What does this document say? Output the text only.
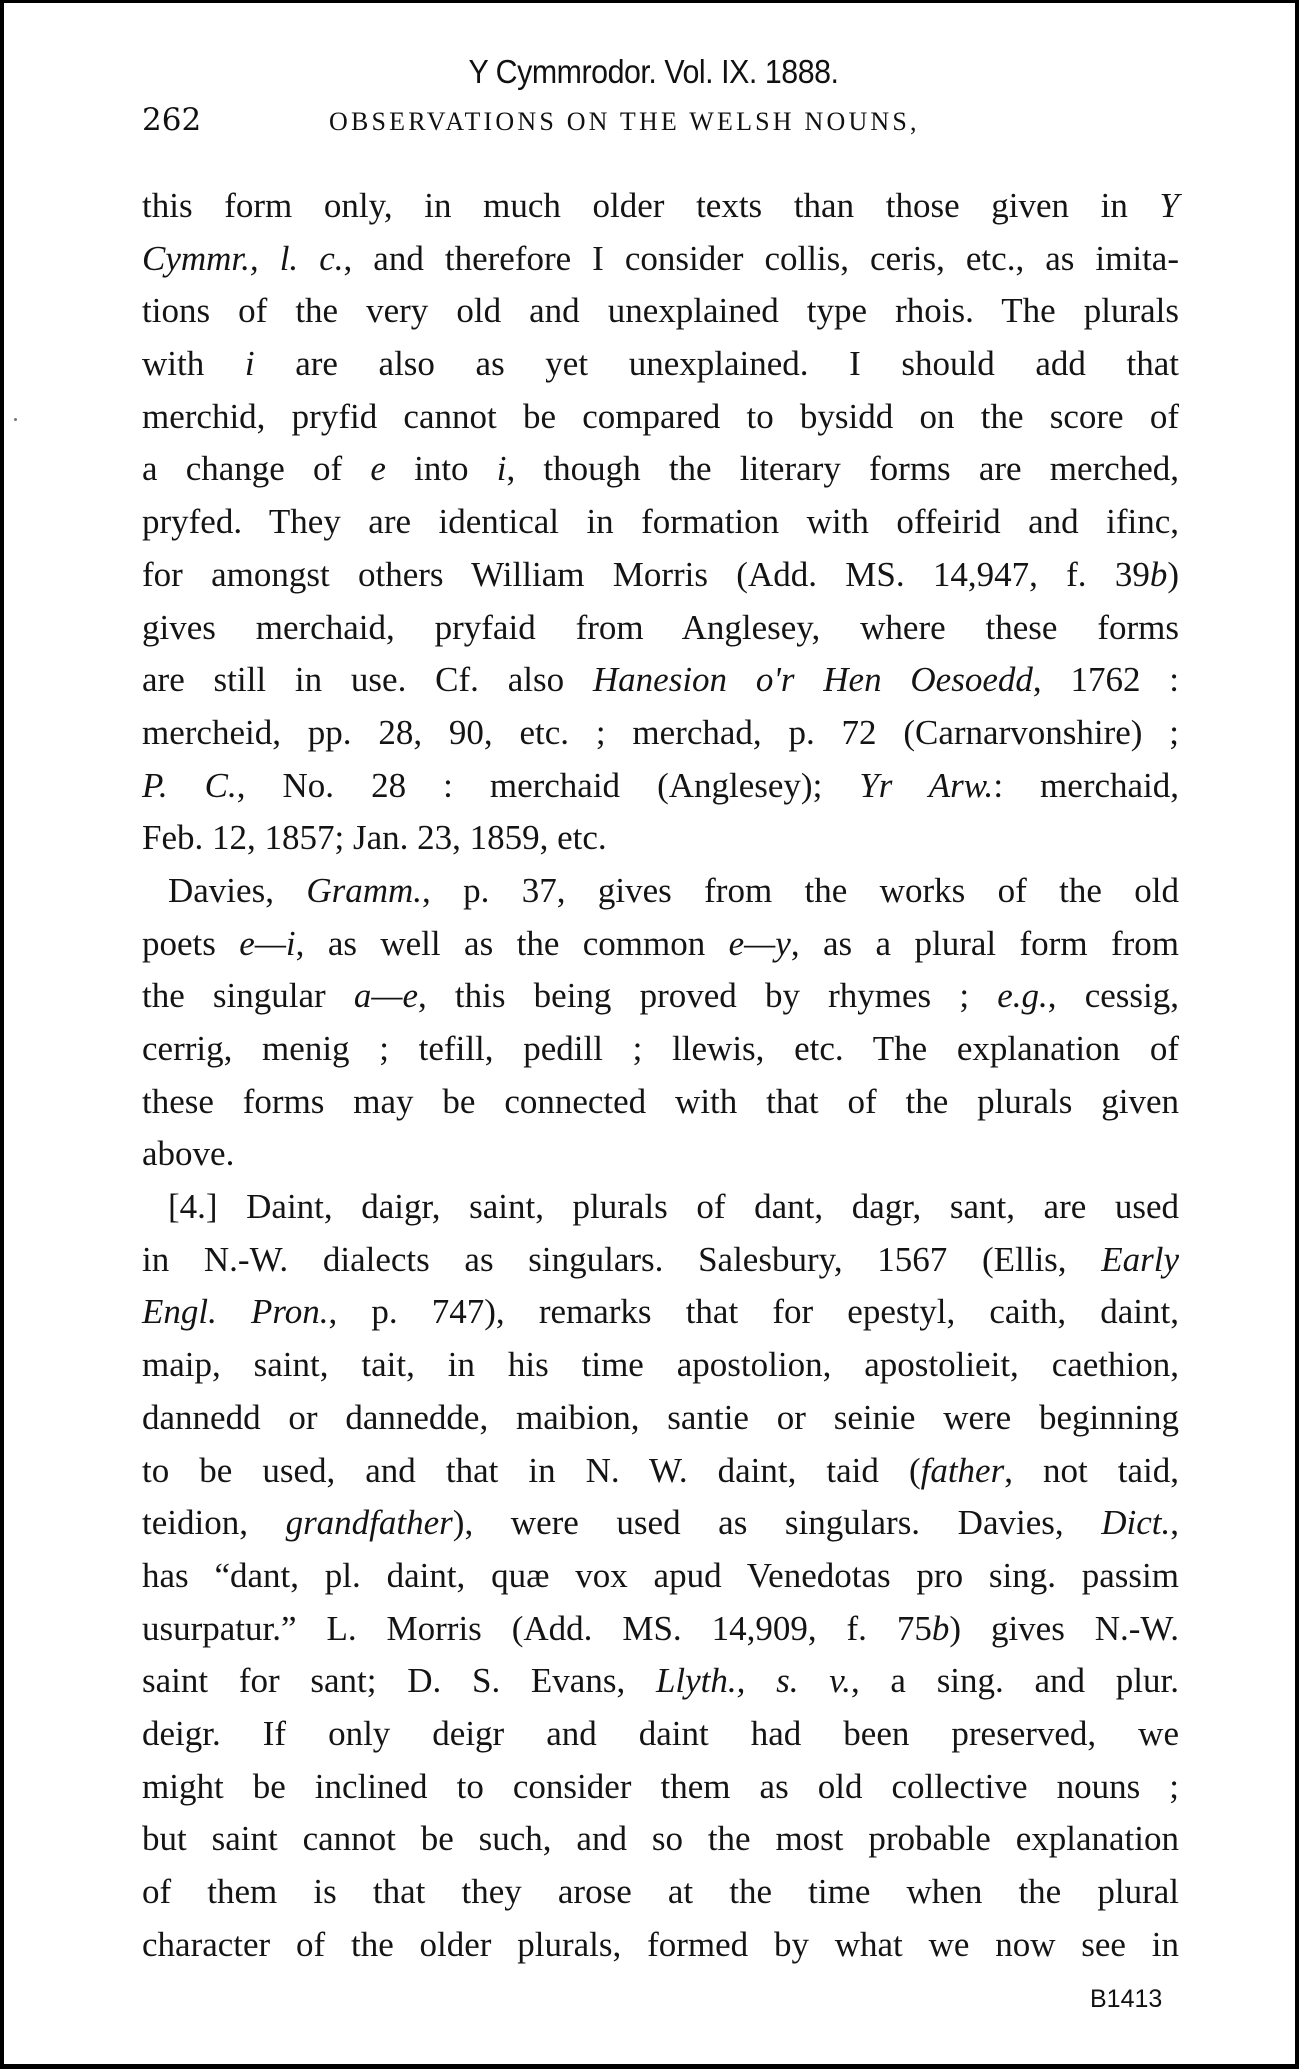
Y Cymmrodor. Vol. IX. 1888.
262	OBSERVATIONS ON THE WELSH NOUNS,
this form only, in much older texts than those given in Y
Cymmr., l. c., and therefore I consider collis, ceris, etc., as imita-
tions of the very old and unexplained type rhois. The plurals
with i are also as yet unexplained. I should add that
merchid, pryfid cannot be compared to bysidd on the score of
a change of e into i, though the literary forms are merched,
pryfed. They are identical in formation with offeirid and ifinc,
for amongst others William Morris (Add. MS. 14,947, f. 39b)
gives merchaid, pryfaid from Anglesey, where these forms
are still in use. Cf. also Hanesion o'r Hen Oesoedd, 1762 :
mercheid, pp. 28, 90, etc. ; merchad, p. 72 (Carnarvonshire) ;
P. C., No. 28 : merchaid (Anglesey); Yr Arw.: merchaid,
Feb. 12, 1857; Jan. 23, 1859, etc.
Davies, Gramm., p. 37, gives from the works of the old
poets e—i, as well as the common e—y, as a plural form from
the singular a—e, this being proved by rhymes ; e.g., cessig,
cerrig, menig ; tefill, pedill ; llewis, etc. The explanation of
these forms may be connected with that of the plurals given
above.
[4.] Daint, daigr, saint, plurals of dant, dagr, sant, are used
in N.-W. dialects as singulars. Salesbury, 1567 (Ellis, Early
Engl. Pron., p. 747), remarks that for epestyl, caith, daint,
maip, saint, tait, in his time apostolion, apostolieit, caethion,
dannedd or dannedde, maibion, santie or seinie were beginning
to be used, and that in N. W. daint, taid (father, not taid,
teidion, grandfather), were used as singulars. Davies, Dict.,
has “dant, pl. daint, quæ vox apud Venedotas pro sing. passim
usurpatur.” L. Morris (Add. MS. 14,909, f. 75b) gives N.-W.
saint for sant; D. S. Evans, Llyth., s. v., a sing. and plur.
deigr. If only deigr and daint had been preserved, we
might be inclined to consider them as old collective nouns ;
but saint cannot be such, and so the most probable explanation
of them is that they arose at the time when the plural
character of the older plurals, formed by what we now see in
B1413
